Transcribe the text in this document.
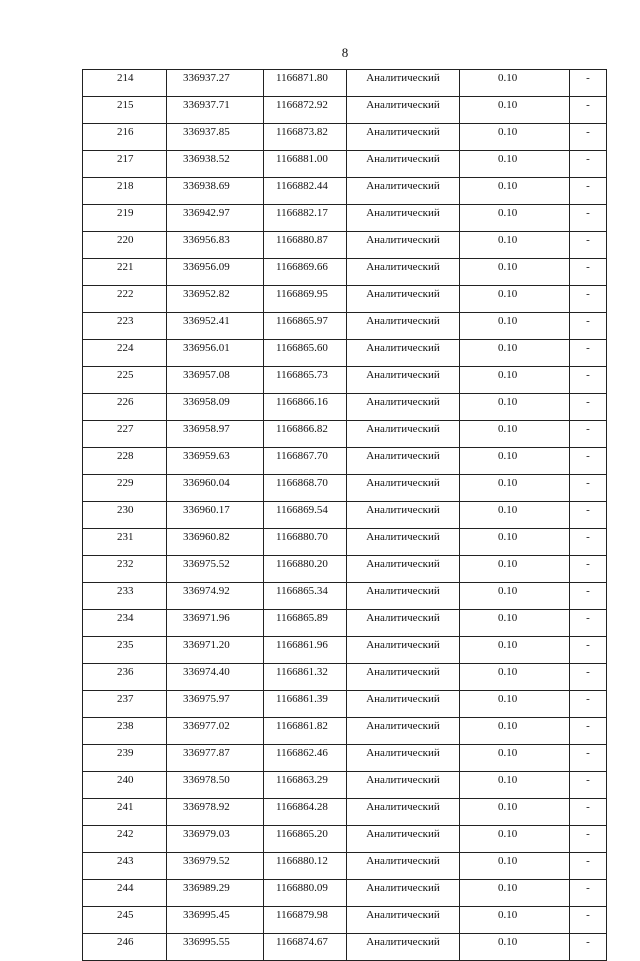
8
214	336937.27	1166871.80	Аналитический	0.10	-
215	336937.71	1166872.92	Аналитический	0.10	-
216	336937.85	1166873.82	Аналитический	0.10	-
217	336938.52	1166881.00	Аналитический	0.10	-
218	336938.69	1166882.44	Аналитический	0.10	-
219	336942.97	1166882.17	Аналитический	0.10	-
220	336956.83	1166880.87	Аналитический	0.10	-
221	336956.09	1166869.66	Аналитический	0.10	-
222	336952.82	1166869.95	Аналитический	0.10	-
223	336952.41	1166865.97	Аналитический	0.10	-
224	336956.01	1166865.60	Аналитический	0.10	-
225	336957.08	1166865.73	Аналитический	0.10	-
226	336958.09	1166866.16	Аналитический	0.10	-
227	336958.97	1166866.82	Аналитический	0.10	-
228	336959.63	1166867.70	Аналитический	0.10	-
229	336960.04	1166868.70	Аналитический	0.10	-
230	336960.17	1166869.54	Аналитический	0.10	-
231	336960.82	1166880.70	Аналитический	0.10	-
232	336975.52	1166880.20	Аналитический	0.10	-
233	336974.92	1166865.34	Аналитический	0.10	-
234	336971.96	1166865.89	Аналитический	0.10	-
235	336971.20	1166861.96	Аналитический	0.10	-
236	336974.40	1166861.32	Аналитический	0.10	-
237	336975.97	1166861.39	Аналитический	0.10	-
238	336977.02	1166861.82	Аналитический	0.10	-
239	336977.87	1166862.46	Аналитический	0.10	-
240	336978.50	1166863.29	Аналитический	0.10	-
241	336978.92	1166864.28	Аналитический	0.10	-
242	336979.03	1166865.20	Аналитический	0.10	-
243	336979.52	1166880.12	Аналитический	0.10	-
244	336989.29	1166880.09	Аналитический	0.10	-
245	336995.45	1166879.98	Аналитический	0.10	-
246	336995.55	1166874.67	Аналитический	0.10	-
